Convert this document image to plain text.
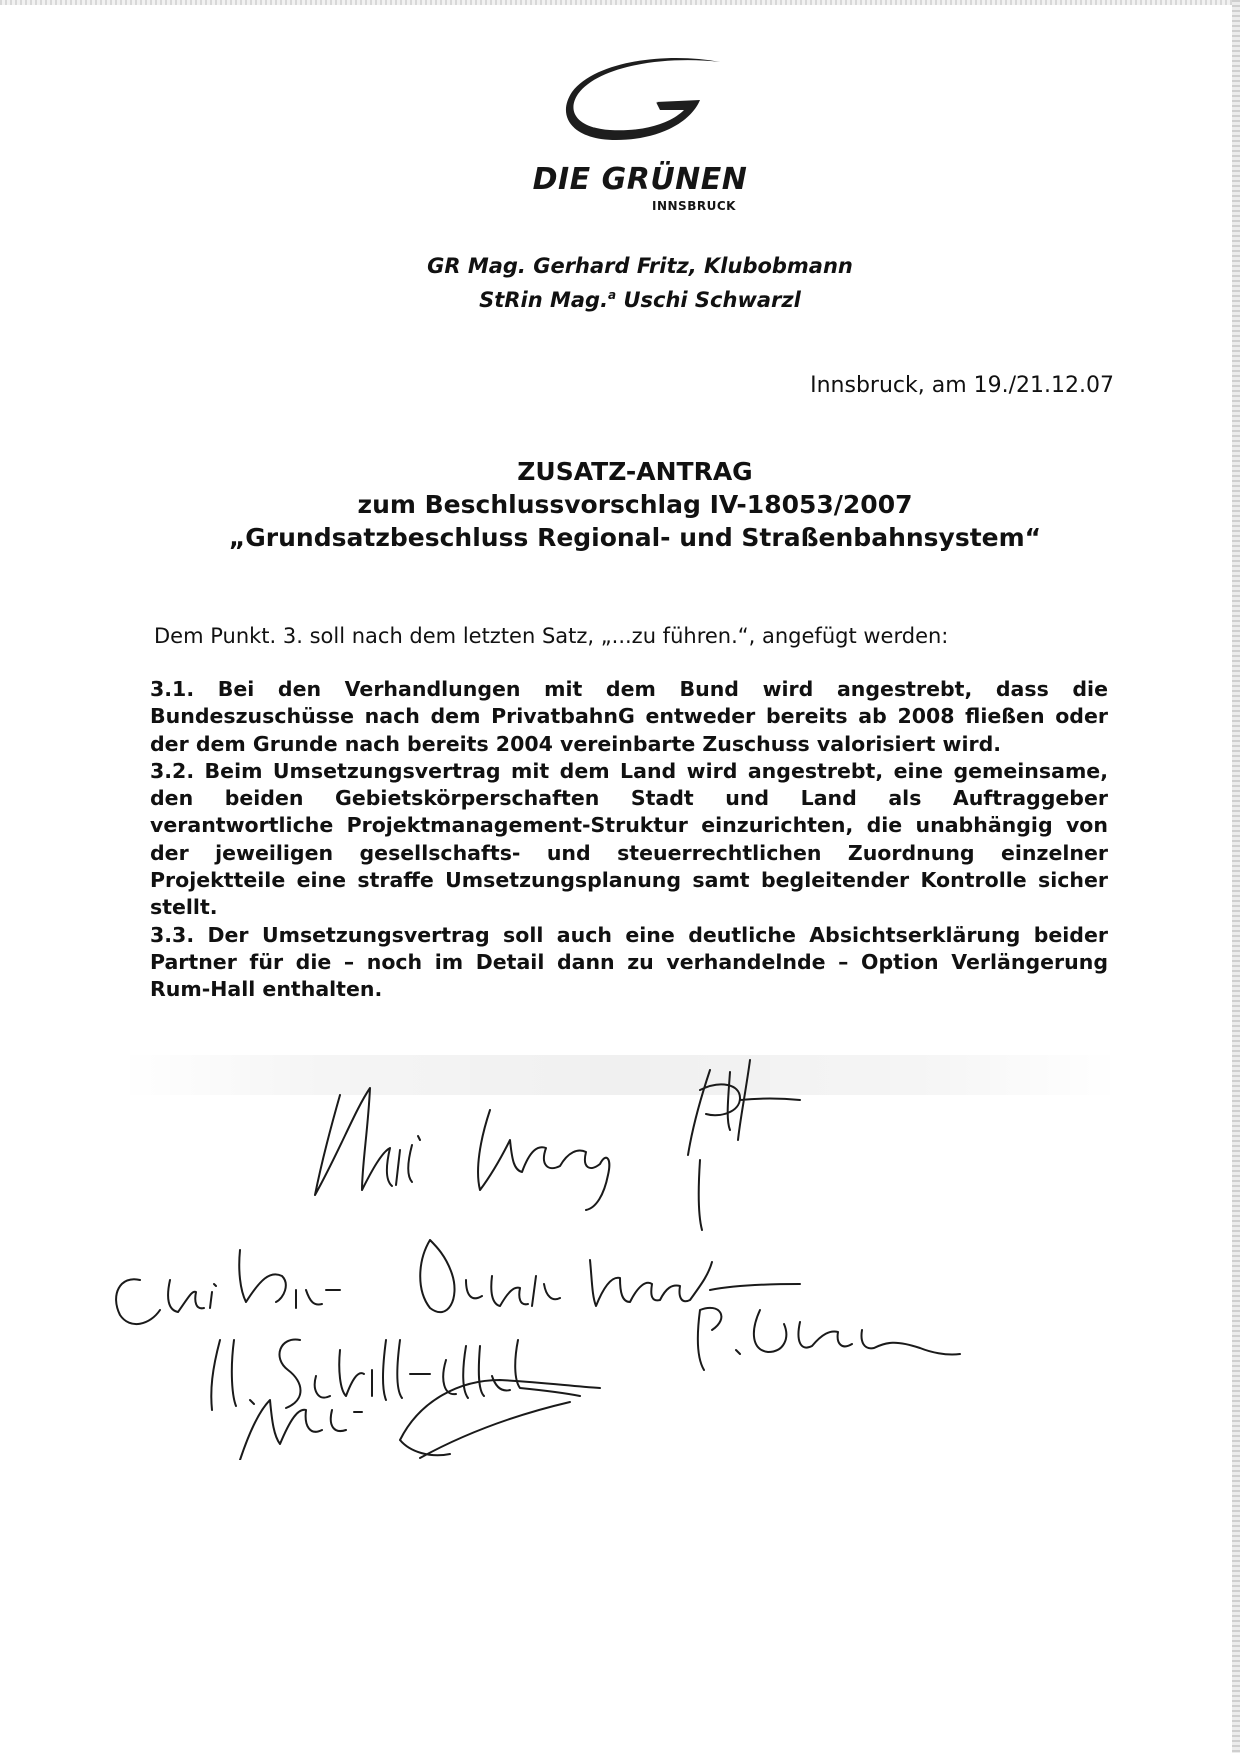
DIE GRÜNEN
INNSBRUCK
GR Mag. Gerhard Fritz, Klubobmann
StRin Mag.$^a$ Uschi Schwarzl
Innsbruck, am 19./21.12.07
ZUSATZ-ANTRAG
zum Beschlussvorschlag IV-18053/2007
„Grundsatzbeschluss Regional- und Straßenbahnsystem“
Dem Punkt. 3. soll nach dem letzten Satz, „...zu führen.“, angefügt werden:

3.1. Bei den Verhandlungen mit dem Bund wird angestrebt, dass die Bundeszuschüsse nach dem PrivatbahnG entweder bereits ab 2008 fließen oder der dem Grunde nach bereits 2004 vereinbarte Zuschuss valorisiert wird.

3.2. Beim Umsetzungsvertrag mit dem Land wird angestrebt, eine gemeinsame, den beiden Gebietskörperschaften Stadt und Land als Auftraggeber verantwortliche Projektmanagement-Struktur einzurichten, die unabhängig von der jeweiligen gesellschafts- und steuerrechtlichen Zuordnung einzelner Projektteile eine straffe Umsetzungsplanung samt begleitender Kontrolle sicher stellt.

3.3. Der Umsetzungsvertrag soll auch eine deutliche Absichtserklärung beider Partner für die – noch im Detail dann zu verhandelnde – Option Verlängerung Rum-Hall enthalten.
